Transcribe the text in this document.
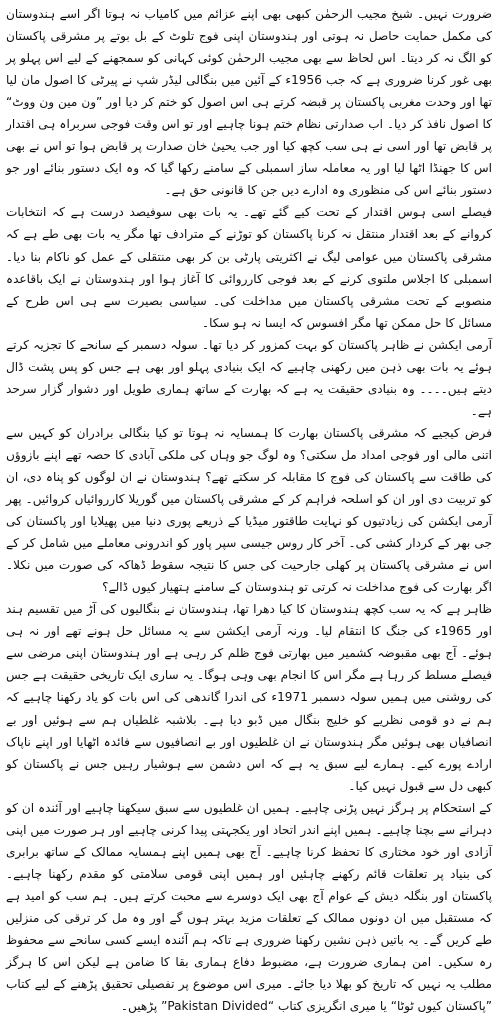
ضرورت نہیں۔ شیخ مجیب الرحمٰن کبھی بھی اپنے عزائم میں کامیاب نہ ہوتا اگر اسے ہندوستان کی مکمل حمایت حاصل نہ ہوتی اور ہندوستان اپنی فوج تلوٹ کے بل بوتے پر مشرقی پاکستان کو الگ نہ کر دیتا۔ اس لحاظ سے بھی مجیب الرحمٰن کوئی کہانی کو سمجھنے کے لیے اس پہلو پر بھی غور کرنا ضروری ہے کہ جب 1956ء کے آئین میں بنگالی لیڈر شپ نے پیرٹی کا اصول مان لیا تھا اور وحدت مغربی پاکستان پر قبضہ کرتے ہی اس اصول کو ختم کر دیا اور ”ون مین ون ووٹ“ کا اصول نافذ کر دیا۔ اب صدارتی نظام ختم ہونا چاہیے اور تو اس وقت فوجی سربراہ ہی اقتدار پر قابض تھا اور اسی نے ہی سب کچھ کیا اور جب یحییٰ خان صدارت پر قابض ہوا تو اس نے بھی اس کا جھنڈا اٹھا لیا اور یہ معاملہ ساز اسمبلی کے سامنے رکھا گیا کہ وہ ایک دستور بنائے اور جو دستور بنائے اس کی منظوری وہ ادارے دیں جن کا قانونی حق ہے۔

فیصلے اسی ہوس اقتدار کے تحت کیے گئے تھے۔ یہ بات بھی سوفیصد درست ہے کہ انتخابات کروانے کے بعد اقتدار منتقل نہ کرنا پاکستان کو توڑنے کے مترادف تھا مگر یہ بات بھی طے ہے کہ مشرقی پاکستان میں عوامی لیگ نے اکثریتی پارٹی بن کر بھی منتقلی کے عمل کو ناکام بنا دیا۔ اسمبلی کا اجلاس ملتوی کرنے کے بعد فوجی کارروائی کا آغاز ہوا اور ہندوستان نے ایک باقاعدہ منصوبے کے تحت مشرقی پاکستان میں مداخلت کی۔ سیاسی بصیرت سے ہی اس طرح کے مسائل کا حل ممکن تھا مگر افسوس کہ ایسا نہ ہو سکا۔

آرمی ایکشن نے ظاہر پاکستان کو بہت کمزور کر دیا تھا۔ سولہ دسمبر کے سانحے کا تجزیہ کرتے ہوئے یہ بات بھی ذہن میں رکھنی چاہیے کہ ایک بنیادی پہلو اور بھی ہے جس کو پس پشت ڈال دیتے ہیں۔۔۔۔ وہ بنیادی حقیقت یہ ہے کہ بھارت کے ساتھ ہماری طویل اور دشوار گزار سرحد ہے۔

فرض کیجیے کہ مشرقی پاکستان بھارت کا ہمسایہ نہ ہوتا تو کیا بنگالی برادران کو کہیں سے اتنی مالی اور فوجی امداد مل سکتی؟ وہ لوگ جو وہاں کی ملکی آبادی کا حصہ تھے اپنے بازوؤں کی طاقت سے پاکستان کی فوج کا مقابلہ کر سکتے تھے؟ ہندوستان نے ان لوگوں کو پناہ دی، ان کو تربیت دی اور ان کو اسلحہ فراہم کر کے مشرقی پاکستان میں گوریلا کارروائیاں کروائیں۔ پھر آرمی ایکشن کی زیادتیوں کو نہایت طاقتور میڈیا کے ذریعے پوری دنیا میں پھیلایا اور پاکستان کی جی بھر کے کردار کشی کی۔ آخر کار روس جیسی سپر پاور کو اندرونی معاملے میں شامل کر کے اس نے مشرقی پاکستان پر کھلی جارحیت کی جس کا نتیجہ سقوط ڈھاکہ کی صورت میں نکلا۔ اگر بھارت کی فوج مداخلت نہ کرتی تو ہندوستان کے سامنے ہتھیار کیوں ڈالے؟

ظاہر ہے کہ یہ سب کچھ ہندوستان کا کیا دھرا تھا، ہندوستان نے بنگالیوں کی آڑ میں تقسیم ہند اور 1965ء کی جنگ کا انتقام لیا۔ ورنہ آرمی ایکشن سے یہ مسائل حل ہونے تھے اور نہ ہی ہوئے۔ آج بھی مقبوضہ کشمیر میں بھارتی فوج ظلم کر رہی ہے اور ہندوستان اپنی مرضی سے فیصلے مسلط کر رہا ہے مگر اس کا انجام بھی وہی ہوگا۔ یہ ساری ایک تاریخی حقیقت ہے جس کی روشنی میں ہمیں سولہ دسمبر 1971ء کی اندرا گاندھی کی اس بات کو یاد رکھنا چاہیے کہ ہم نے دو قومی نظریے کو خلیج بنگال میں ڈبو دیا ہے۔ بلاشبہ غلطیاں ہم سے ہوئیں اور بے انصافیاں بھی ہوئیں مگر ہندوستان نے ان غلطیوں اور بے انصافیوں سے فائدہ اٹھایا اور اپنے ناپاک ارادے پورے کیے۔ ہمارے لیے سبق یہ ہے کہ اس دشمن سے ہوشیار رہیں جس نے پاکستان کو کبھی دل سے قبول نہیں کیا۔

کے استحکام پر ہرگز نہیں پڑنی چاہیے۔ ہمیں ان غلطیوں سے سبق سیکھنا چاہیے اور آئندہ ان کو دہرانے سے بچنا چاہیے۔ ہمیں اپنے اندر اتحاد اور یکجہتی پیدا کرنی چاہیے اور ہر صورت میں اپنی آزادی اور خود مختاری کا تحفظ کرنا چاہیے۔ آج بھی ہمیں اپنے ہمسایہ ممالک کے ساتھ برابری کی بنیاد پر تعلقات قائم رکھنے چاہئیں اور ہمیں اپنی قومی سلامتی کو مقدم رکھنا چاہیے۔ پاکستان اور بنگلہ دیش کے عوام آج بھی ایک دوسرے سے محبت کرتے ہیں۔ ہم سب کو امید ہے کہ مستقبل میں ان دونوں ممالک کے تعلقات مزید بہتر ہوں گے اور وہ مل کر ترقی کی منزلیں طے کریں گے۔ یہ باتیں ذہن نشین رکھنا ضروری ہے تاکہ ہم آئندہ ایسے کسی سانحے سے محفوظ رہ سکیں۔ امن ہماری ضرورت ہے، مضبوط دفاع ہماری بقا کا ضامن ہے لیکن اس کا ہرگز مطلب یہ نہیں کہ تاریخ کو بھلا دیا جائے۔ میری اس موضوع پر تفصیلی تحقیق پڑھنے کے لیے کتاب ”پاکستان کیوں ٹوٹا“ یا میری انگریزی کتاب “Pakistan Divided” پڑھیں۔
